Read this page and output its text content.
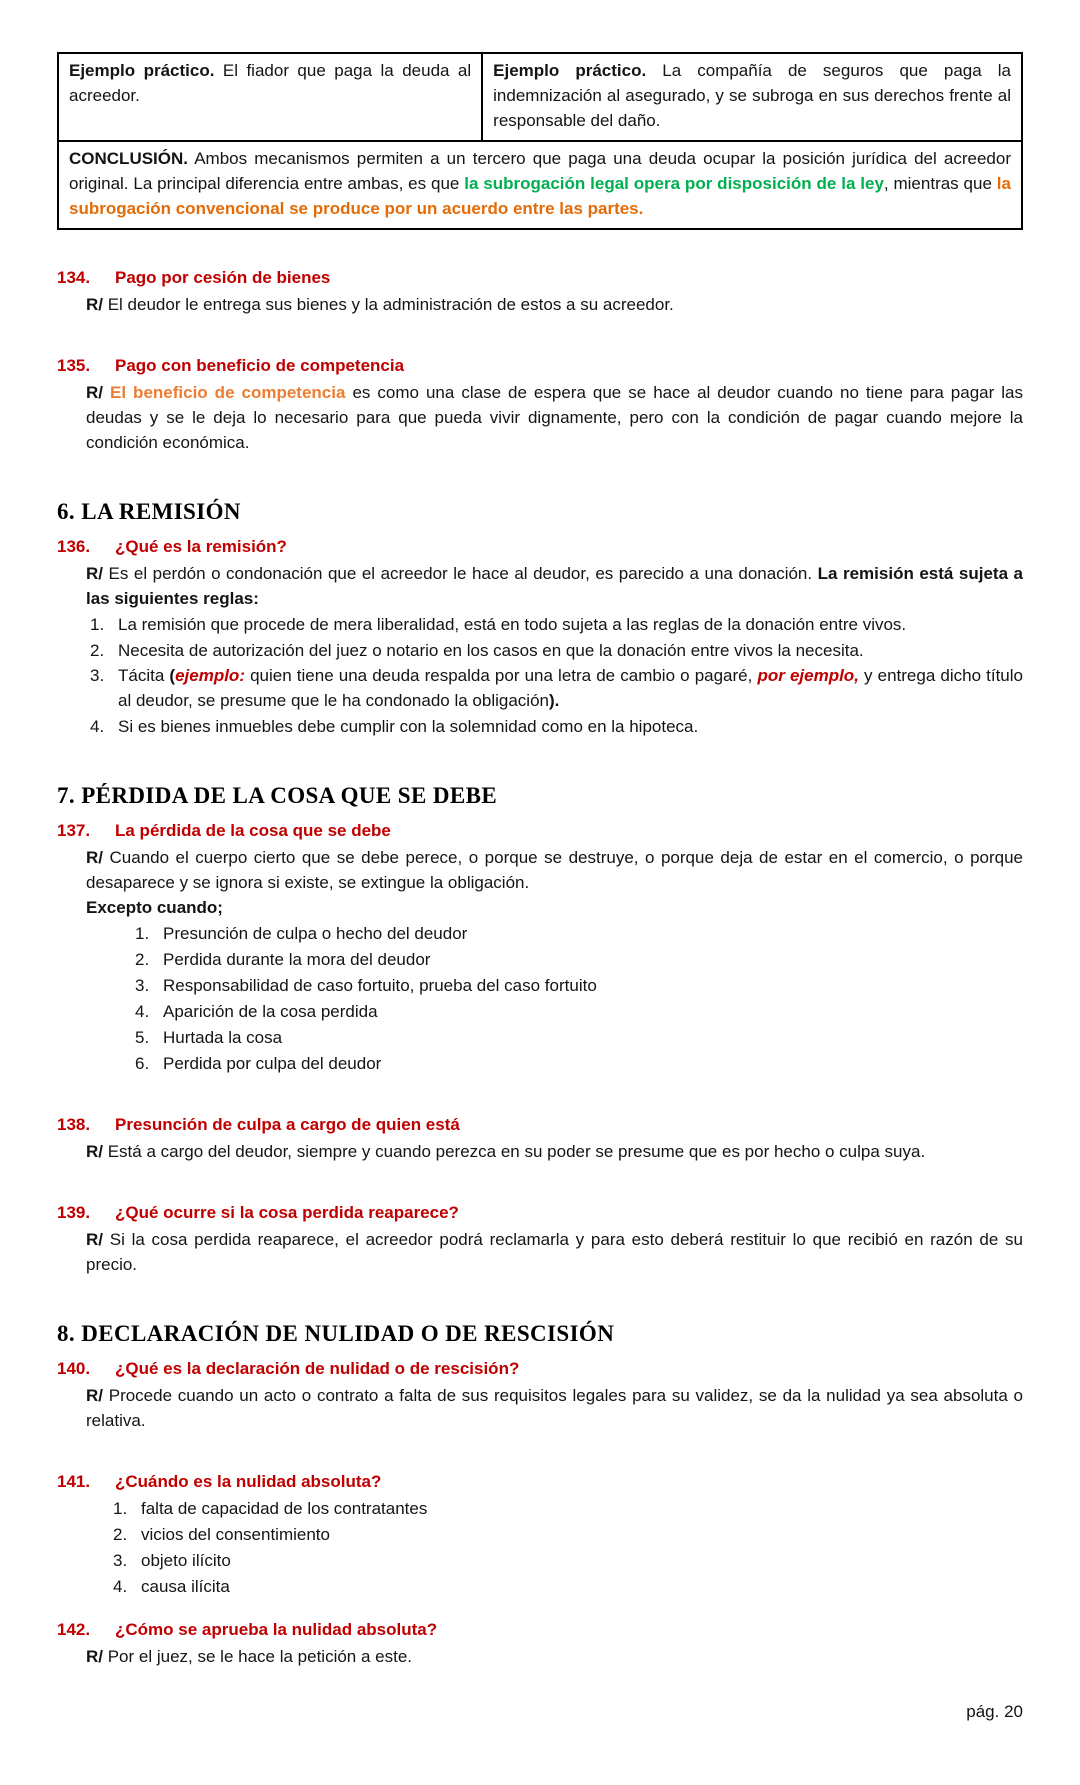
Ejemplo práctico. El fiador que paga la deuda al acreedor.	Ejemplo práctico. La compañía de seguros que paga la indemnización al asegurado, y se subroga en sus derechos frente al responsable del daño.
CONCLUSIÓN. Ambos mecanismos permiten a un tercero que paga una deuda ocupar la posición jurídica del acreedor original. La principal diferencia entre ambas, es que la subrogación legal opera por disposición de la ley, mientras que la subrogación convencional se produce por un acuerdo entre las partes.
134.	Pago por cesión de bienes

R/ El deudor le entrega sus bienes y la administración de estos a su acreedor.

135.	Pago con beneficio de competencia

R/ El beneficio de competencia es como una clase de espera que se hace al deudor cuando no tiene para pagar las deudas y se le deja lo necesario para que pueda vivir dignamente, pero con la condición de pagar cuando mejore la condición económica.

6. LA REMISIÓN
136.	¿Qué es la remisión?

R/ Es el perdón o condonación que el acreedor le hace al deudor, es parecido a una donación. La remisión está sujeta a las siguientes reglas:

1. La remisión que procede de mera liberalidad, está en todo sujeta a las reglas de la donación entre vivos.
2. Necesita de autorización del juez o notario en los casos en que la donación entre vivos la necesita.
3. Tácita (ejemplo: quien tiene una deuda respalda por una letra de cambio o pagaré, por ejemplo, y entrega dicho título al deudor, se presume que le ha condonado la obligación).
4. Si es bienes inmuebles debe cumplir con la solemnidad como en la hipoteca.
7. PÉRDIDA DE LA COSA QUE SE DEBE
137.	La pérdida de la cosa que se debe

R/ Cuando el cuerpo cierto que se debe perece, o porque se destruye, o porque deja de estar en el comercio, o porque desaparece y se ignora si existe, se extingue la obligación.

Excepto cuando;

1. Presunción de culpa o hecho del deudor
2. Perdida durante la mora del deudor
3. Responsabilidad de caso fortuito, prueba del caso fortuito
4. Aparición de la cosa perdida
5. Hurtada la cosa
6. Perdida por culpa del deudor
138.	Presunción de culpa a cargo de quien está

R/ Está a cargo del deudor, siempre y cuando perezca en su poder se presume que es por hecho o culpa suya.

139.	¿Qué ocurre si la cosa perdida reaparece?

R/ Si la cosa perdida reaparece, el acreedor podrá reclamarla y para esto deberá restituir lo que recibió en razón de su precio.

8. DECLARACIÓN DE NULIDAD O DE RESCISIÓN
140.	¿Qué es la declaración de nulidad o de rescisión?

R/ Procede cuando un acto o contrato a falta de sus requisitos legales para su validez, se da la nulidad ya sea absoluta o relativa.

141.	¿Cuándo es la nulidad absoluta?
1. falta de capacidad de los contratantes
2. vicios del consentimiento
3. objeto ilícito
4. causa ilícita
142.	¿Cómo se aprueba la nulidad absoluta?

R/ Por el juez, se le hace la petición a este.

pág. 20
